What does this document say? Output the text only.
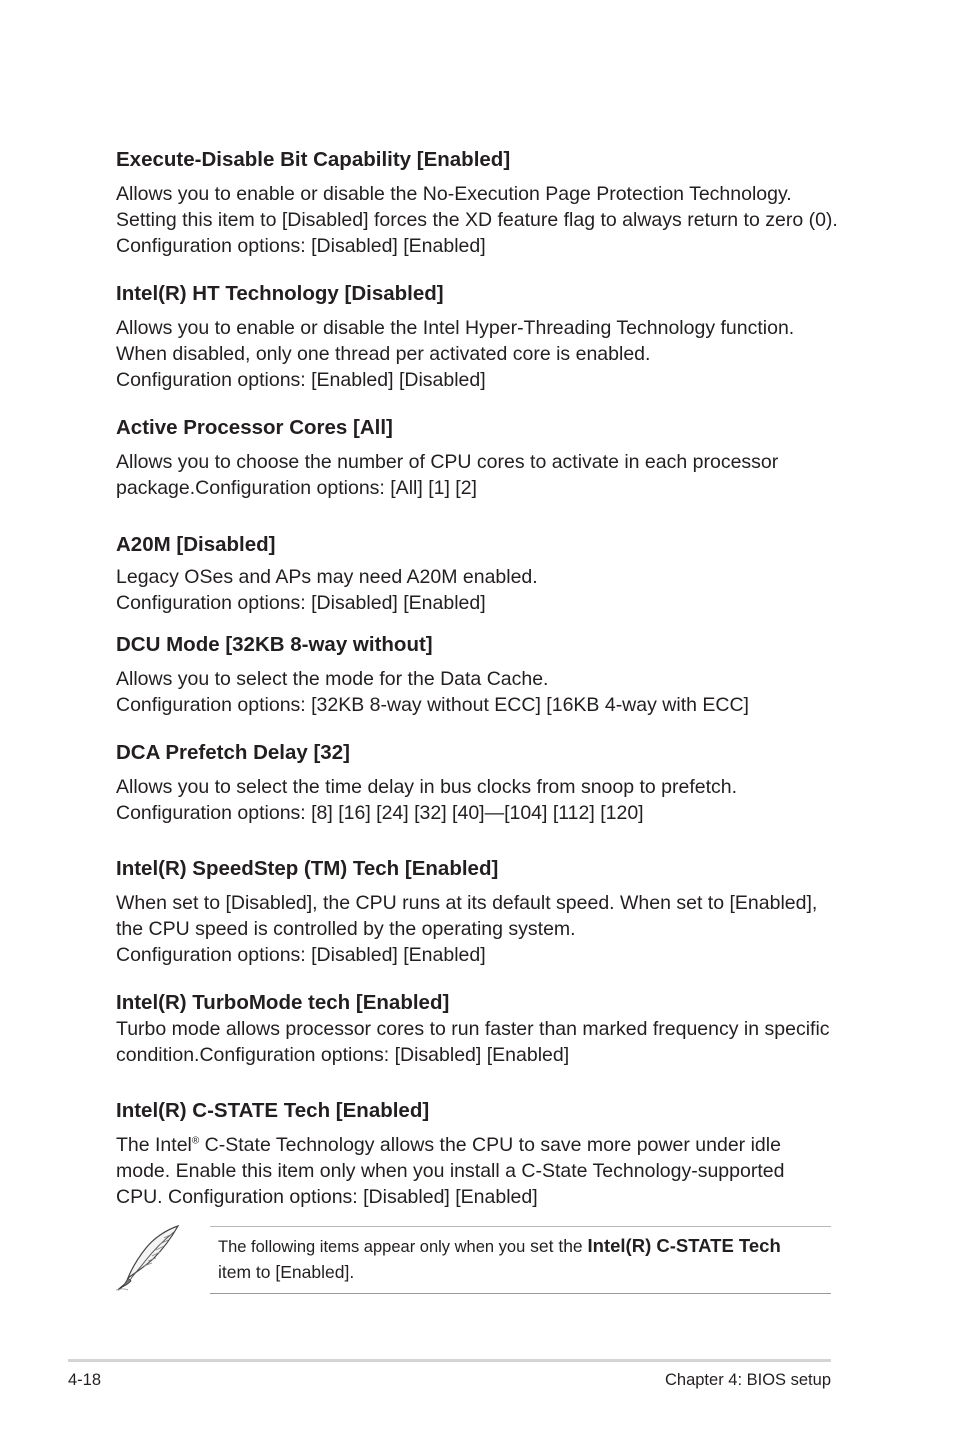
Execute-Disable Bit Capability [Enabled]

Allows you to enable or disable the No-Execution Page Protection Technology.

Setting this item to [Disabled] forces the XD feature flag to always return to zero (0).

Configuration options: [Disabled] [Enabled]

Intel(R) HT Technology [Disabled]

Allows you to enable or disable the Intel Hyper-Threading Technology function.

When disabled, only one thread per activated core is enabled.

Configuration options: [Enabled] [Disabled]

Active Processor Cores [All]

Allows you to choose the number of CPU cores to activate in each processor

package.Configuration options: [All] [1] [2]

A20M [Disabled]

Legacy OSes and APs may need A20M enabled.

Configuration options: [Disabled] [Enabled]

DCU Mode [32KB 8-way without]

Allows you to select the mode for the Data Cache.

Configuration options: [32KB 8-way without ECC] [16KB 4-way with ECC]

DCA Prefetch Delay [32]

Allows you to select the time delay in bus clocks from snoop to prefetch.

Configuration options: [8] [16] [24] [32] [40]—[104] [112] [120]

Intel(R) SpeedStep (TM) Tech [Enabled]

When set to [Disabled], the CPU runs at its default speed. When set to [Enabled],

the CPU speed is controlled by the operating system.

Configuration options: [Disabled] [Enabled]

Intel(R) TurboMode tech [Enabled]

Turbo mode allows processor cores to run faster than marked frequency in specific

condition.Configuration options: [Disabled] [Enabled]

Intel(R) C-STATE Tech [Enabled]

The Intel® C-State Technology allows the CPU to save more power under idle

mode. Enable this item only when you install a C-State Technology-supported

CPU. Configuration options: [Disabled] [Enabled]

The following items appear only when you set the Intel(R) C-STATE Tech
item to [Enabled].
4-18	Chapter 4: BIOS setup
